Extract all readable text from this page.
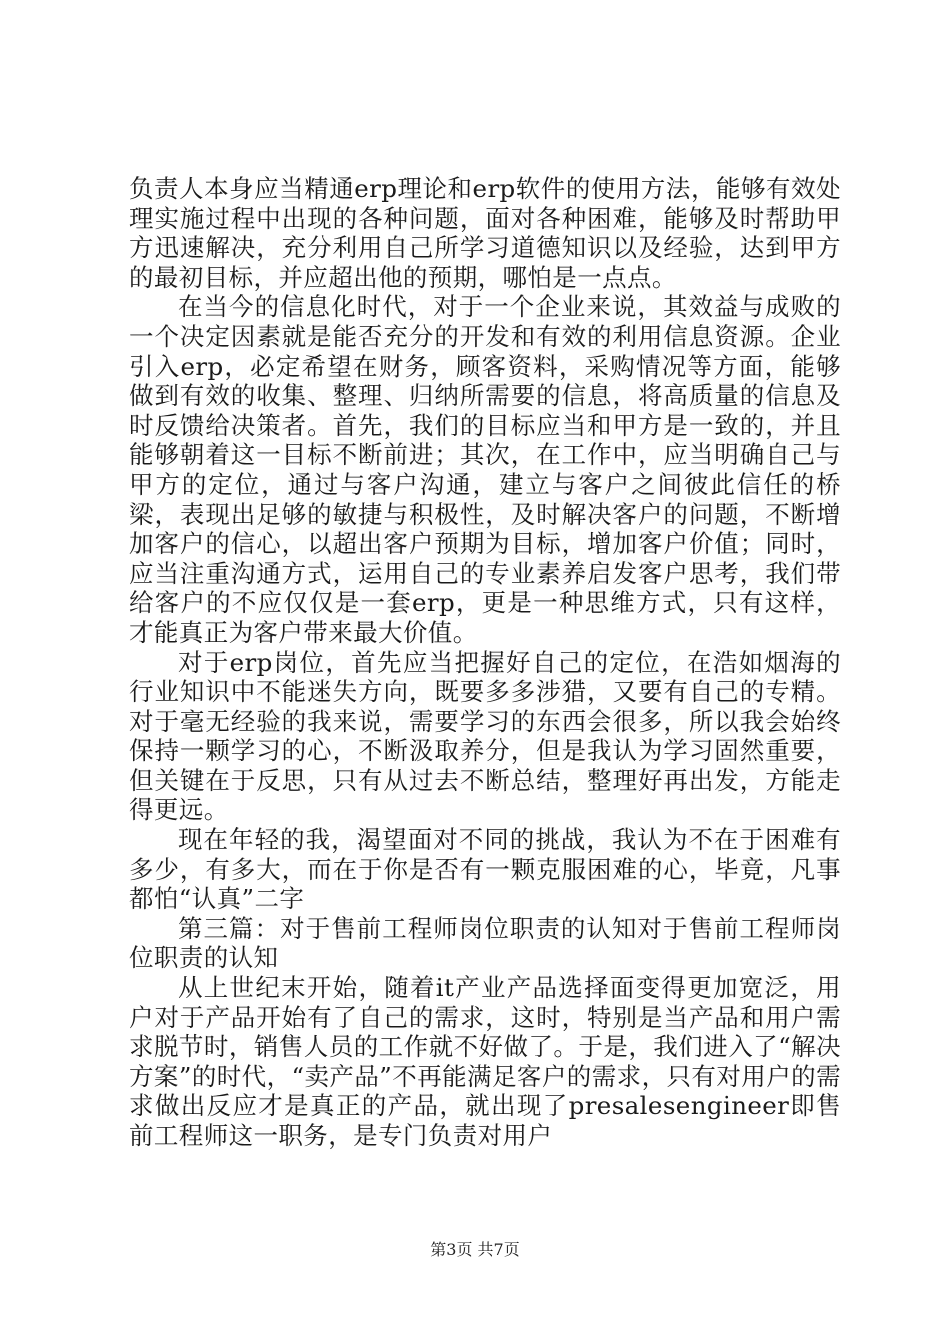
负责人本身应当精通erp理论和erp软件的使用方法，能够有效处理实施过程中出现的各种问题，面对各种困难，能够及时帮助甲方迅速解决，充分利用自己所学习道德知识以及经验，达到甲方的最初目标，并应超出他的预期，哪怕是一点点。

在当今的信息化时代，对于一个企业来说，其效益与成败的一个决定因素就是能否充分的开发和有效的利用信息资源。企业引入erp，必定希望在财务，顾客资料，采购情况等方面，能够做到有效的收集、整理、归纳所需要的信息，将高质量的信息及时反馈给决策者。首先，我们的目标应当和甲方是一致的，并且能够朝着这一目标不断前进；其次，在工作中，应当明确自己与甲方的定位，通过与客户沟通，建立与客户之间彼此信任的桥梁，表现出足够的敏捷与积极性，及时解决客户的问题，不断增加客户的信心，以超出客户预期为目标，增加客户价值；同时，应当注重沟通方式，运用自己的专业素养启发客户思考，我们带给客户的不应仅仅是一套erp，更是一种思维方式，只有这样，才能真正为客户带来最大价值。

对于erp岗位，首先应当把握好自己的定位，在浩如烟海的行业知识中不能迷失方向，既要多多涉猎，又要有自己的专精。对于毫无经验的我来说，需要学习的东西会很多，所以我会始终保持一颗学习的心，不断汲取养分，但是我认为学习固然重要，但关键在于反思，只有从过去不断总结，整理好再出发，方能走得更远。

现在年轻的我，渴望面对不同的挑战，我认为不在于困难有多少，有多大，而在于你是否有一颗克服困难的心，毕竟，凡事都怕“认真”二字

第三篇：对于售前工程师岗位职责的认知对于售前工程师岗位职责的认知

从上世纪末开始，随着it产业产品选择面变得更加宽泛，用户对于产品开始有了自己的需求，这时，特别是当产品和用户需求脱节时，销售人员的工作就不好做了。于是，我们进入了“解决方案”的时代，“卖产品”不再能满足客户的需求，只有对用户的需求做出反应才是真正的产品，就出现了presalesengineer即售前工程师这一职务，是专门负责对用户

第3页 共7页
